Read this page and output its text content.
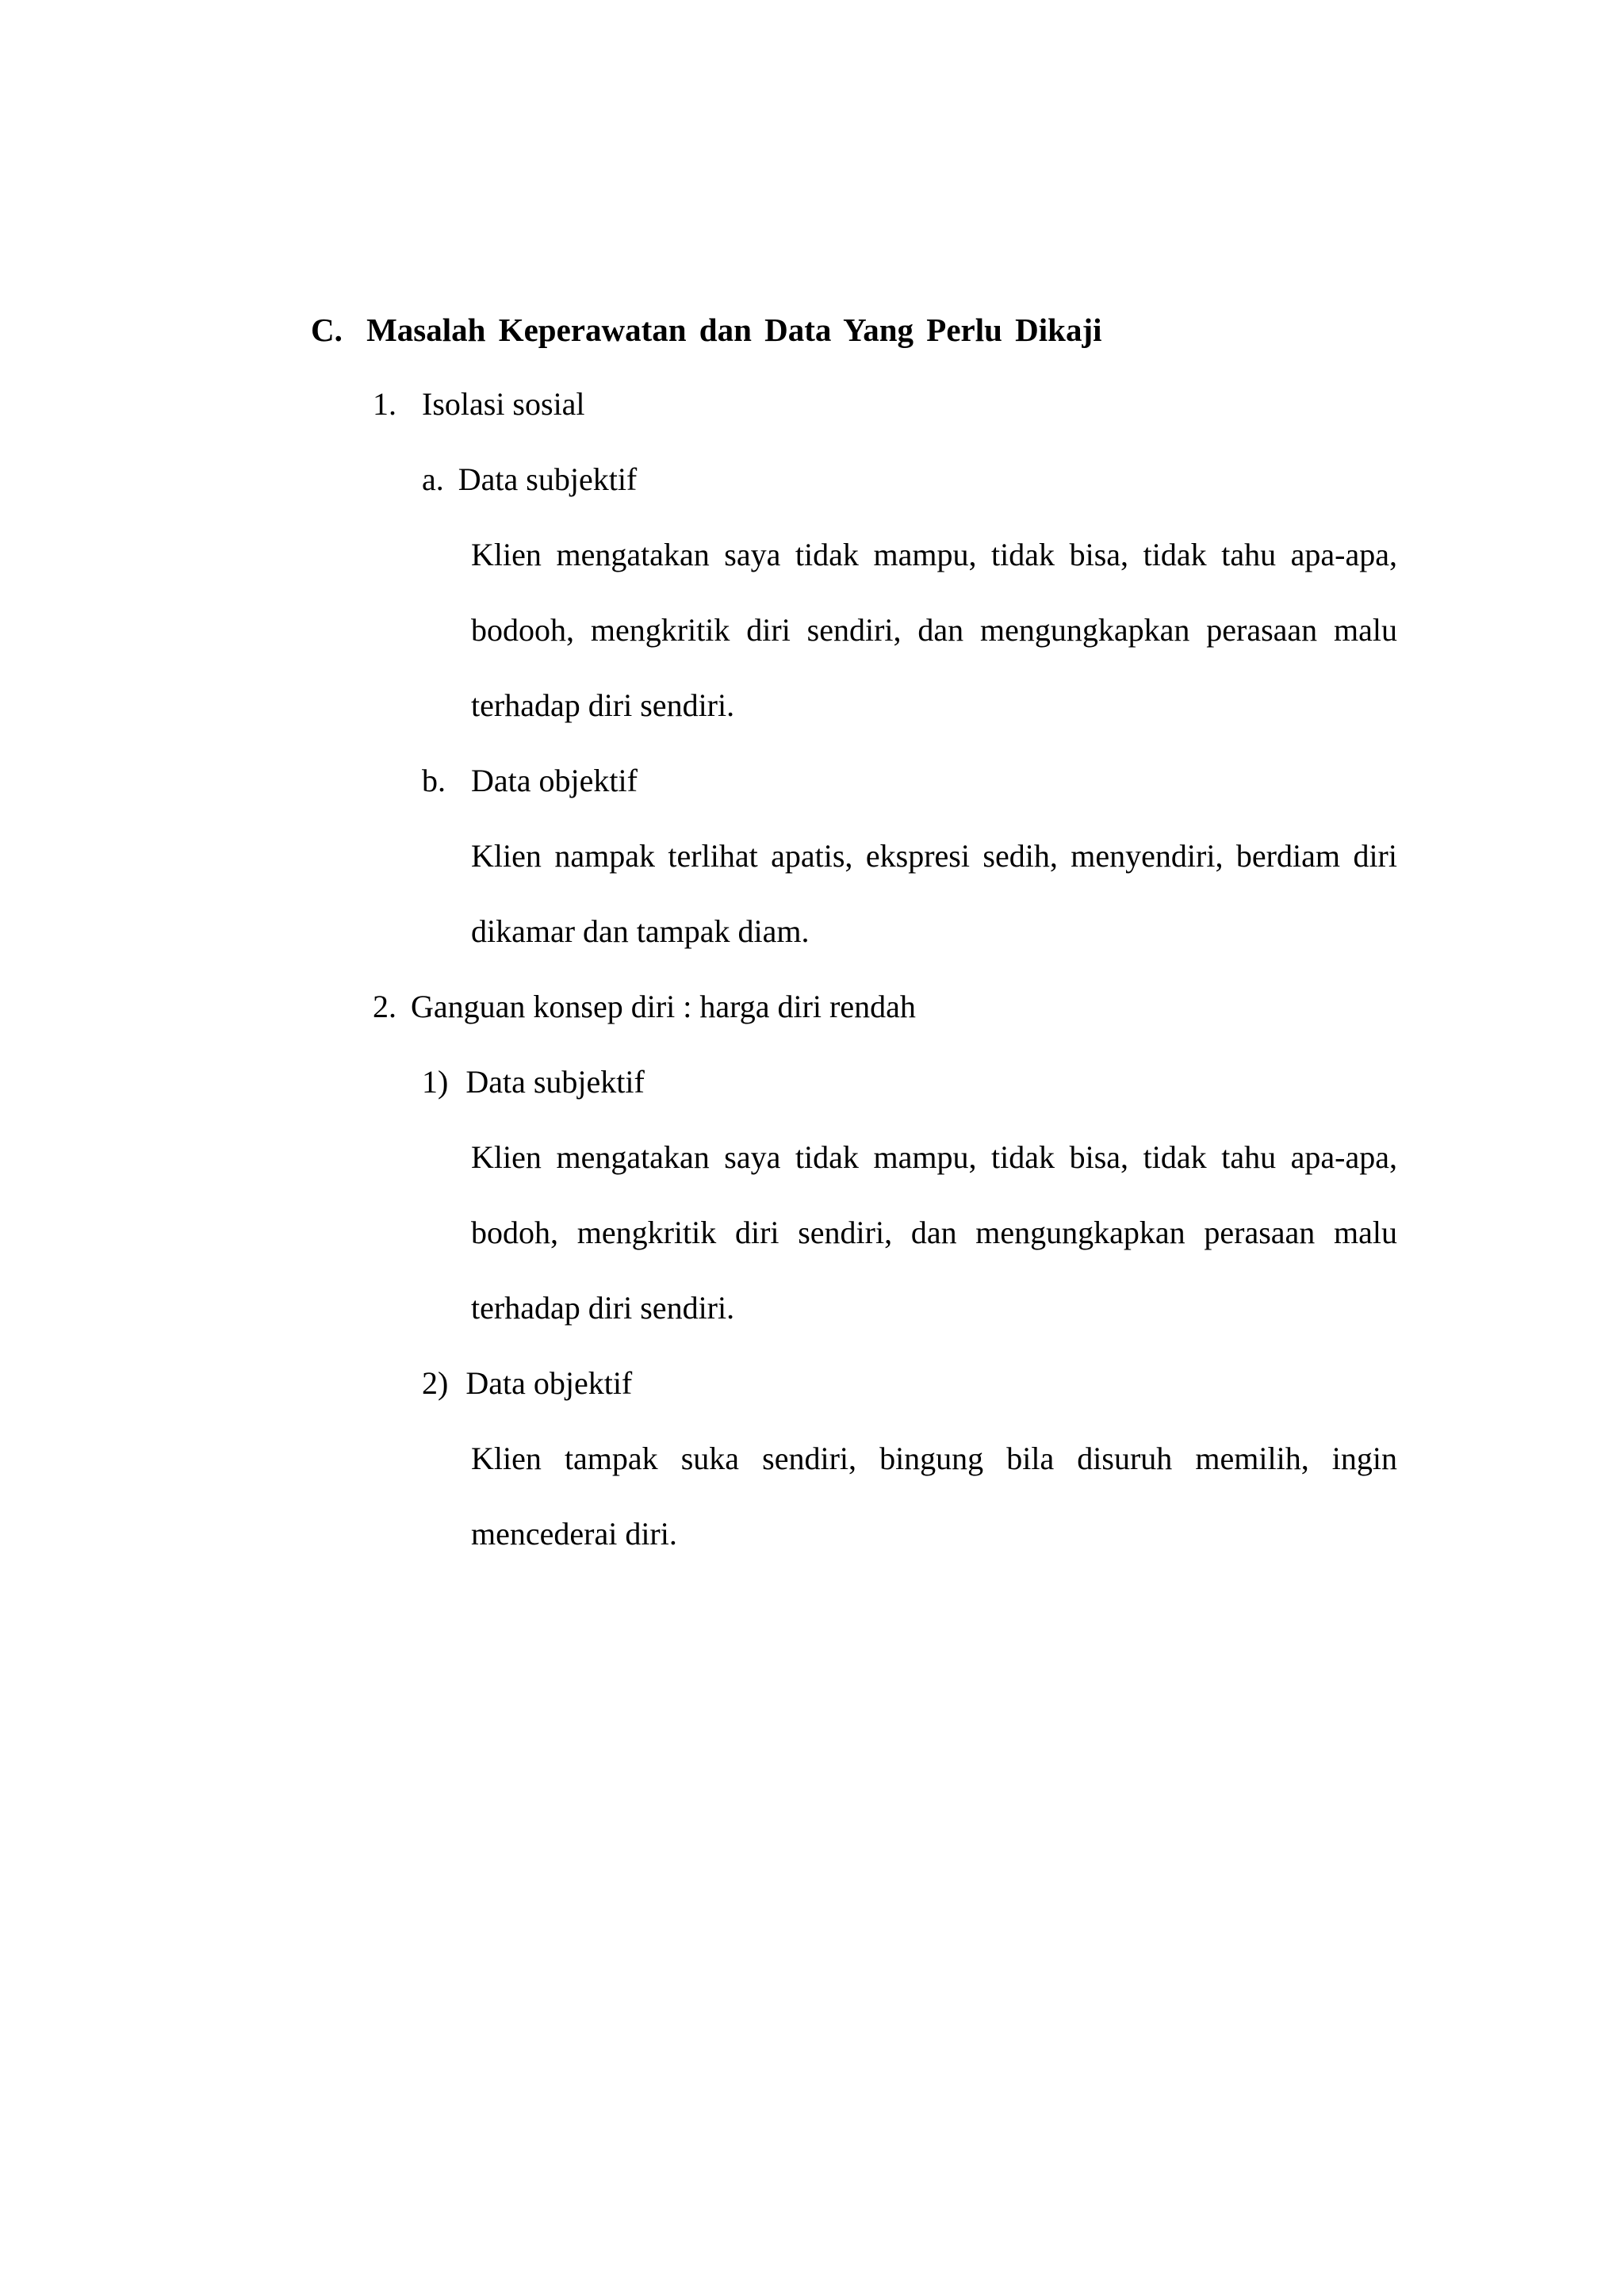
C. Masalah Keperawatan dan Data Yang Perlu Dikaji

1. Isolasi sosial

a. Data subjektif

Klien mengatakan saya tidak mampu, tidak bisa, tidak tahu apa-apa,

bodooh, mengkritik diri sendiri, dan mengungkapkan perasaan malu

terhadap diri sendiri.

b. Data objektif

Klien nampak terlihat apatis, ekspresi sedih, menyendiri, berdiam diri

dikamar dan tampak diam.

2. Ganguan konsep diri : harga diri rendah

1) Data subjektif

Klien mengatakan saya tidak mampu, tidak bisa, tidak tahu apa-apa,

bodoh, mengkritik diri sendiri, dan mengungkapkan perasaan malu

terhadap diri sendiri.

2) Data objektif

Klien tampak suka sendiri, bingung bila disuruh memilih, ingin

mencederai diri.
